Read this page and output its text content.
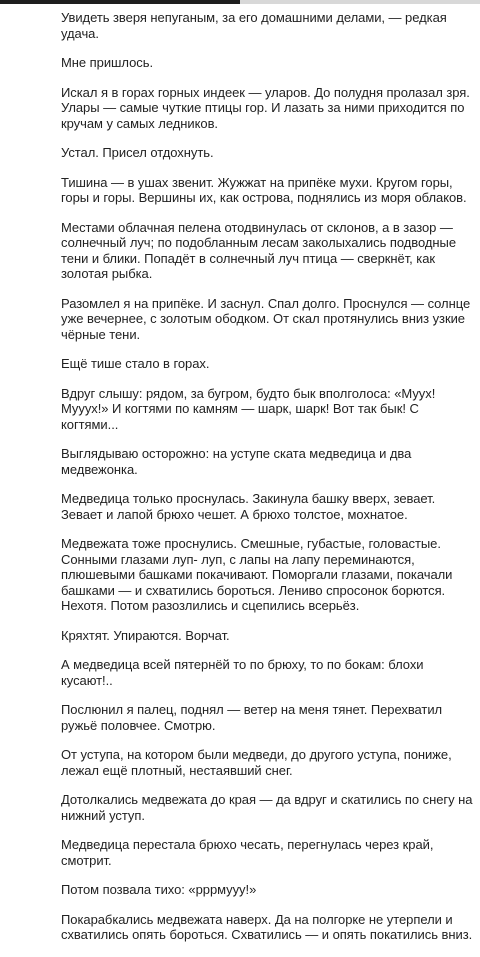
Увидеть зверя непуганым, за его домашними делами, — редкая удача.

Мне пришлось.

Искал я в горах горных индеек — уларов. До полудня пролазал зря. Улары — самые чуткие птицы гор. И лазать за ними приходится по кручам у самых ледников.

Устал. Присел отдохнуть.

Тишина — в ушах звенит. Жужжат на припёке мухи. Кругом горы, горы и горы. Вершины их, как острова, поднялись из моря облаков.

Местами облачная пелена отодвинулась от склонов, а в зазор — солнечный луч; по подобланным лесам заколыхались подводные тени и блики. Попадёт в солнечный луч птица — сверкнёт, как золотая рыбка.

Разомлел я на припёке. И заснул. Спал долго. Проснулся — солнце уже вечернее, с золотым ободком. От скал протянулись вниз узкие чёрные тени.

Ещё тише стало в горах.

Вдруг слышу: рядом, за бугром, будто бык вполголоса: «Муух! Мууух!» И когтями по камням — шарк, шарк! Вот так бык! С когтями...

Выглядываю осторожно: на уступе ската медведица и два медвежонка.

Медведица только проснулась. Закинула башку вверх, зевает. Зевает и лапой брюхо чешет. А брюхо толстое, мохнатое.

Медвежата тоже проснулись. Смешные, губастые, головастые. Сонными глазами луп- луп, с лапы на лапу переминаются, плюшевыми башками покачивают. Поморгали глазами, покачали башками — и схватились бороться. Лениво спросонок борются. Нехотя. Потом разозлились и сцепились всерьёз.

Кряхтят. Упираются. Ворчат.

А медведица всей пятернёй то по брюху, то по бокам: блохи кусают!..

Послюнил я палец, поднял — ветер на меня тянет. Перехватил ружьё половчее. Смотрю.

От уступа, на котором были медведи, до другого уступа, пониже, лежал ещё плотный, нестаявший снег.

Дотолкались медвежата до края — да вдруг и скатились по снегу на нижний уступ.

Медведица перестала брюхо чесать, перегнулась через край, смотрит.

Потом позвала тихо: «рррмууу!»

Покарабкались медвежата наверх. Да на полгорке не утерпели и схватились опять бороться. Схватились — и опять покатились вниз.
